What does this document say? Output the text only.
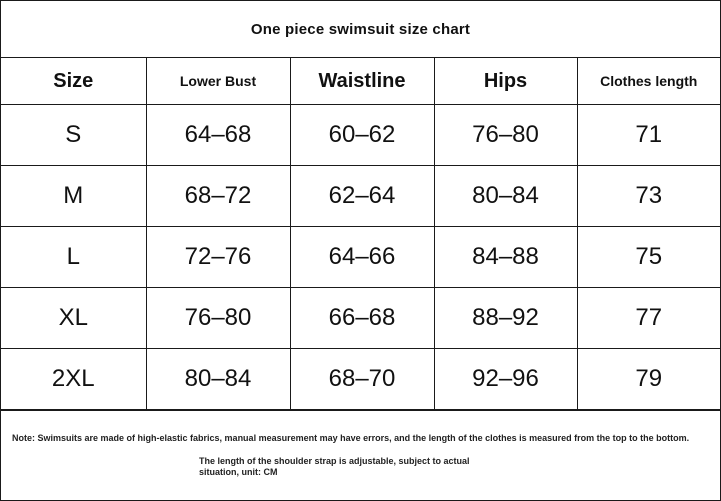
One piece swimsuit size chart
Size	Lower Bust	Waistline	Hips	Clothes length
S	64–68	60–62	76–80	71
M	68–72	62–64	80–84	73
L	72–76	64–66	84–88	75
XL	76–80	66–68	88–92	77
2XL	80–84	68–70	92–96	79
Note: Swimsuits are made of high-elastic fabrics, manual measurement may have errors, and the length of the clothes is measured from the top to the bottom.
The length of the shoulder strap is adjustable, subject to actual situation, unit: CM
